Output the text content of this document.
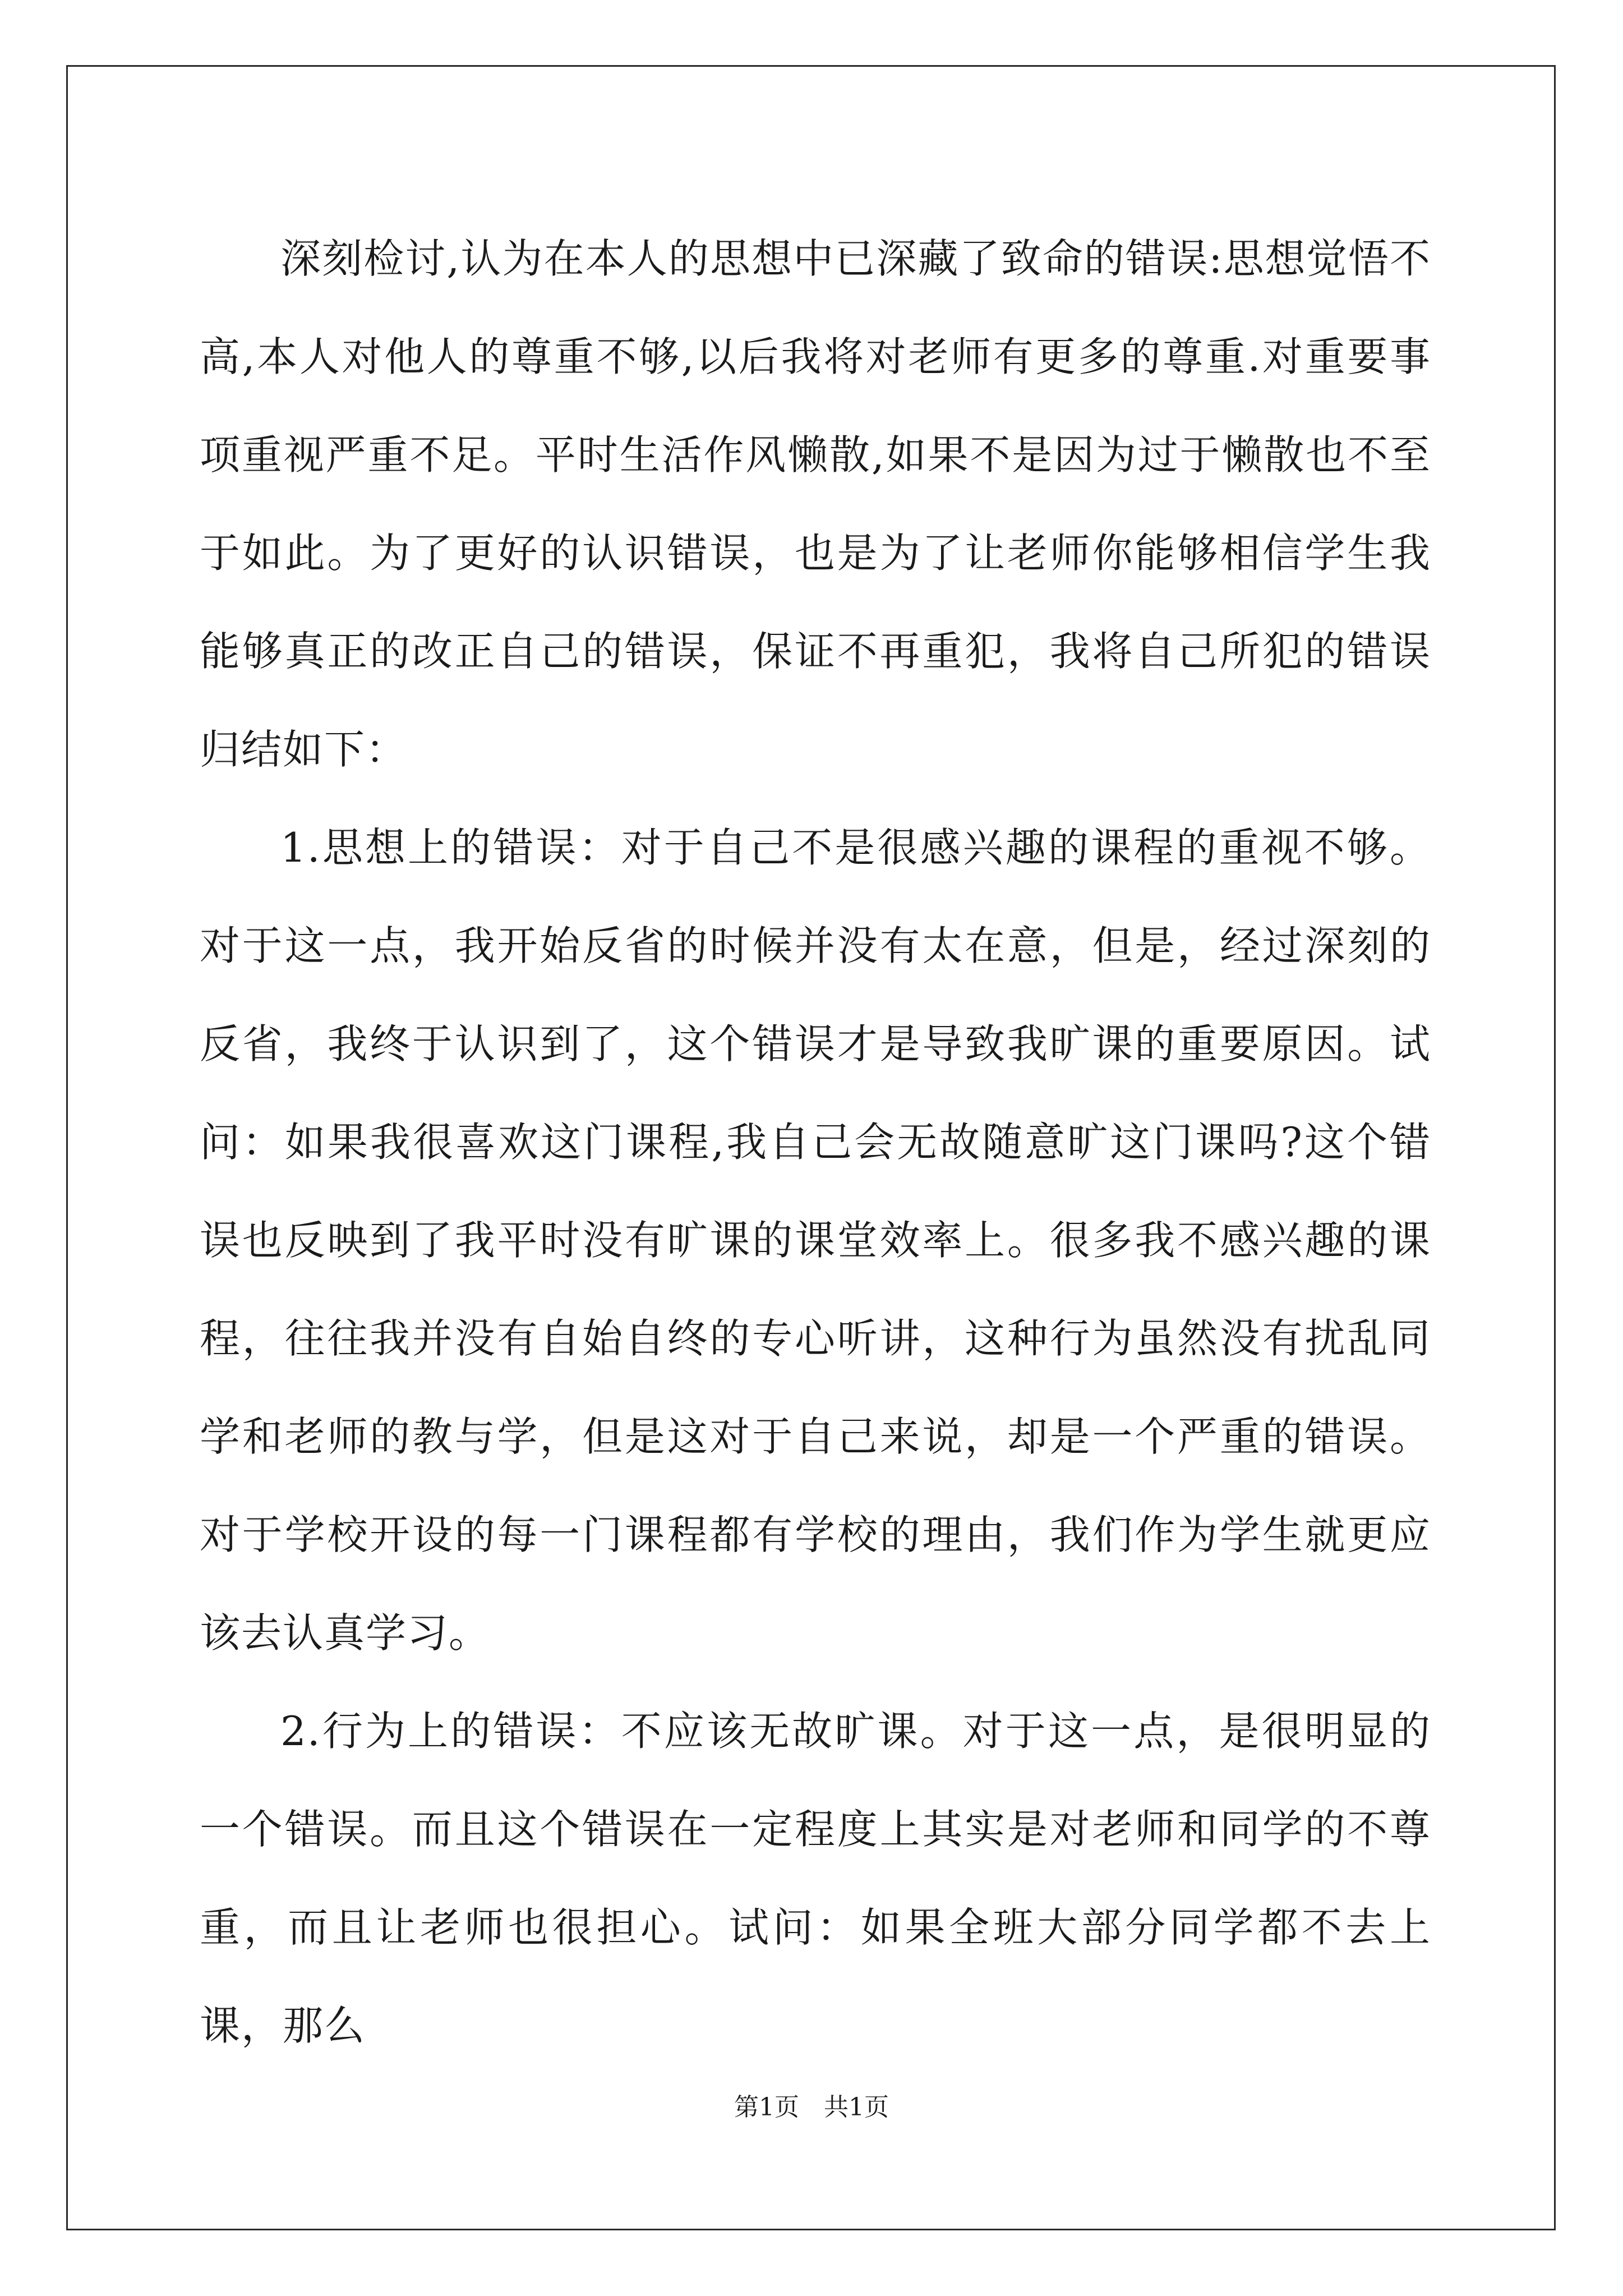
深刻检讨,认为在本人的思想中已深藏了致命的错误:思想觉悟不高,本人对他人的尊重不够,以后我将对老师有更多的尊重.对重要事项重视严重不足。平时生活作风懒散,如果不是因为过于懒散也不至于如此。为了更好的认识错误，也是为了让老师你能够相信学生我能够真正的改正自己的错误，保证不再重犯，我将自己所犯的错误归结如下：

1.思想上的错误：对于自己不是很感兴趣的课程的重视不够。对于这一点，我开始反省的时候并没有太在意，但是，经过深刻的反省，我终于认识到了，这个错误才是导致我旷课的重要原因。试问：如果我很喜欢这门课程,我自己会无故随意旷这门课吗?这个错误也反映到了我平时没有旷课的课堂效率上。很多我不感兴趣的课程，往往我并没有自始自终的专心听讲，这种行为虽然没有扰乱同学和老师的教与学，但是这对于自己来说，却是一个严重的错误。对于学校开设的每一门课程都有学校的理由，我们作为学生就更应该去认真学习。

2.行为上的错误：不应该无故旷课。对于这一点，是很明显的一个错误。而且这个错误在一定程度上其实是对老师和同学的不尊重，而且让老师也很担心。试问：如果全班大部分同学都不去上课，那么

第1页　共1页
